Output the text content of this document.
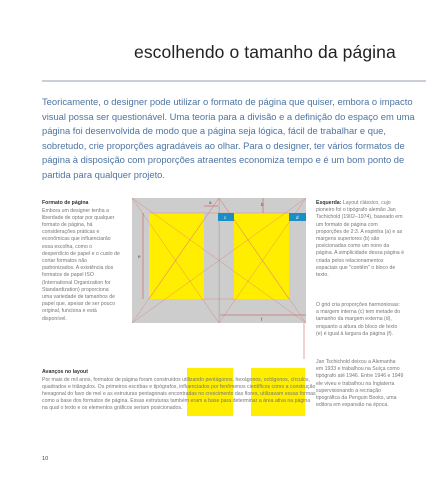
escolhendo o tamanho da página

Teoricamente, o designer pode utilizar o formato de página que quiser, embora o impacto visual possa ser questionável. Uma teoria para a divisão e a definição do espaço em uma página foi desenvolvida de modo que a página seja lógica, fácil de trabalhar e que, sobretudo, crie proporções agradáveis ao olhar. Para o designer, ter vários formatos de página à disposição com proporções atraentes economiza tempo e é um bom ponto de partida para qualquer projeto.

Formato de página

Embora um designer tenha a liberdade de optar por qualquer formato de página, há considerações práticas e econômicas que influenciarão essa escolha, como o desperdício de papel e o custo de cortar formatos não padronizados. A existência dos formatos de papel ISO (International Organization for Standardization) proporciona uma variedade de tamanhos de papel que, apesar de ser pouco original, funciona e está disponível.

e
b
a
c	d
f

Avanços no layout

Por mais de mil anos, formatos de página foram construídos utilizando pentágonos, hexágonos, octógonos, círculos, quadrados e triângulos. Os primeiros escribas e tipógrafos, influenciados por fenômenos científicos como a construção hexagonal do favo de mel e as estruturas pentagonais encontradas no crescimento das flores, utilizavam essas formas como a base dos formatos de página. Essas estruturas também eram a base para determinar a área ativa na página na qual o texto e os elementos gráficos seriam posicionados.

Esquerda: Layout clássico, cujo pioneiro foi o tipógrafo alemão Jan Tschichold (1902–1974), baseado em um formato de página com proporções de 2:3. A espinha (a) e as margens superiores (b) são posicionadas como um nono da página. A simplicidade dessa página é criada pelos relacionamentos espaciais que "contêm" o bloco de texto.

O grid cria proporções harmoniosas: a margem interna (c) tem metade do tamanho da margem externa (d), enquanto a altura do bloco de texto (e) é igual à largura da página (f).

Jan Tschichold deixou a Alemanha em 1933 e trabalhou na Suíça como tipógrafo até 1946. Entre 1946 e 1949 ele viveu e trabalhou na Inglaterra supervisionando a recriação tipográfica da Penguin Books, uma editora em expansão na época.

10
